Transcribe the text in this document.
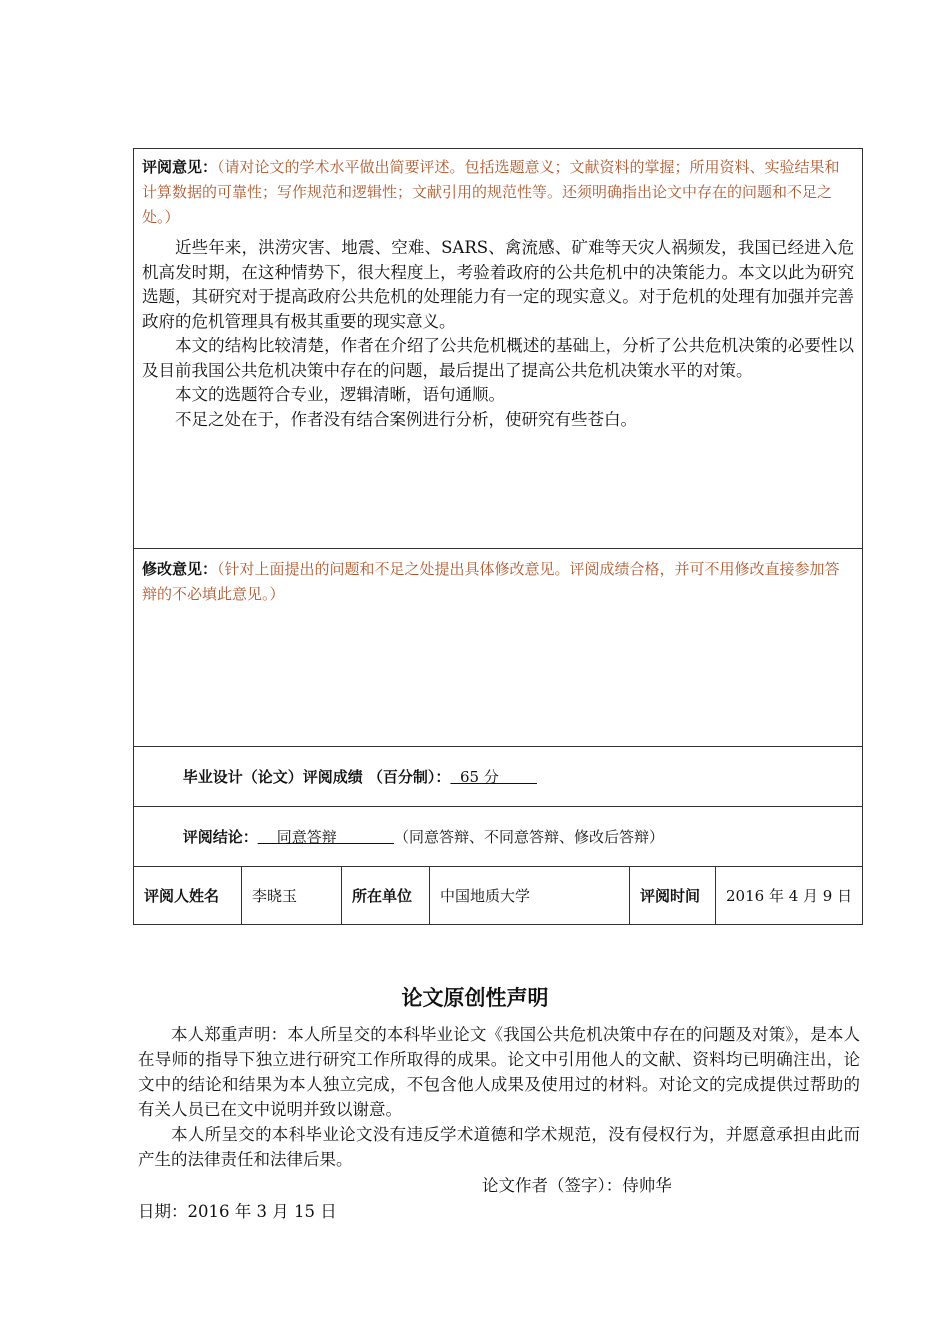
评阅意见：（请对论文的学术水平做出简要评述。包括选题意义；文献资料的掌握；所用资料、实验结果和计算数据的可靠性；写作规范和逻辑性；文献引用的规范性等。还须明确指出论文中存在的问题和不足之处。）

近些年来，洪涝灾害、地震、空难、SARS、禽流感、矿难等天灾人祸频发，我国已经进入危机高发时期，在这种情势下，很大程度上，考验着政府的公共危机中的决策能力。本文以此为研究选题，其研究对于提高政府公共危机的处理能力有一定的现实意义。对于危机的处理有加强并完善政府的危机管理具有极其重要的现实意义。

本文的结构比较清楚，作者在介绍了公共危机概述的基础上，分析了公共危机决策的必要性以及目前我国公共危机决策中存在的问题，最后提出了提高公共危机决策水平的对策。

本文的选题符合专业，逻辑清晰，语句通顺。

不足之处在于，作者没有结合案例进行分析，使研究有些苍白。

修改意见：（针对上面提出的问题和不足之处提出具体修改意见。评阅成绩合格，并可不用修改直接参加答辩的不必填此意见。）

毕业设计（论文）评阅成绩 （百分制）：  65 分

评阅结论：    同意答辩            （同意答辩、不同意答辩、修改后答辩）

评阅人姓名	李晓玉	所在单位	中国地质大学	评阅时间	2016 年 4 月 9 日
论文原创性声明

本人郑重声明：本人所呈交的本科毕业论文《我国公共危机决策中存在的问题及对策》，是本人在导师的指导下独立进行研究工作所取得的成果。论文中引用他人的文献、资料均已明确注出，论文中的结论和结果为本人独立完成，不包含他人成果及使用过的材料。对论文的完成提供过帮助的有关人员已在文中说明并致以谢意。

本人所呈交的本科毕业论文没有违反学术道德和学术规范，没有侵权行为，并愿意承担由此而产生的法律责任和法律后果。

论文作者（签字）：侍帅华
日期：2016 年 3 月 15 日
